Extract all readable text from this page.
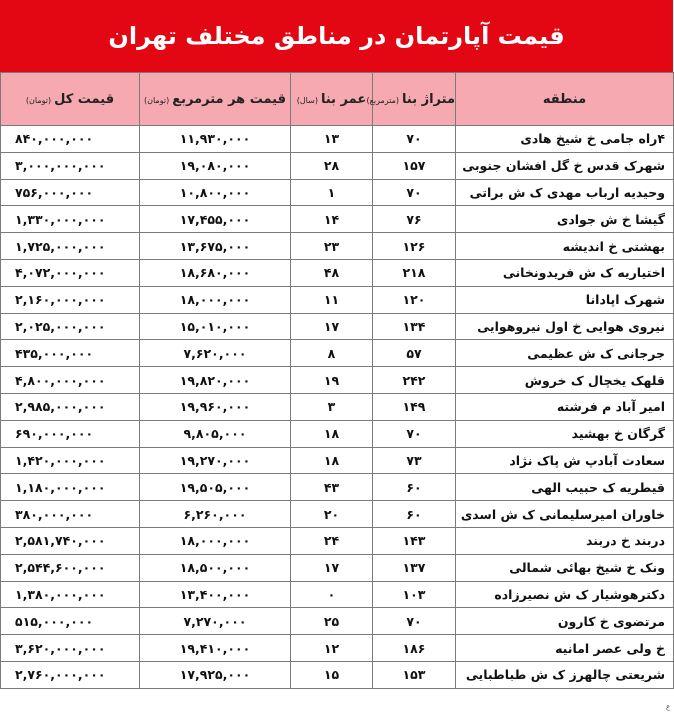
قیمت آپارتمان در مناطق مختلف تهران
منطقه	متراژ بنا(مترمربع)	عمر بنا(سال)	قیمت هر مترمربع(تومان)	قیمت کل(تومان)
۴راه جامی خ شیخ هادی	۷۰	۱۳	۱۱,۹۳۰,۰۰۰	۸۴۰,۰۰۰,۰۰۰
شهرک قدس خ گل افشان جنوبی	۱۵۷	۲۸	۱۹,۰۸۰,۰۰۰	۳,۰۰۰,۰۰۰,۰۰۰
وحیدیه ارباب مهدی ک ش براتی	۷۰	۱	۱۰,۸۰۰,۰۰۰	۷۵۶,۰۰۰,۰۰۰
گیشا خ ش جوادی	۷۶	۱۴	۱۷,۴۵۵,۰۰۰	۱,۳۳۰,۰۰۰,۰۰۰
بهشتی خ اندیشه	۱۲۶	۲۳	۱۳,۶۷۵,۰۰۰	۱,۷۲۵,۰۰۰,۰۰۰
اختیاریه ک ش فریدونخانی	۲۱۸	۴۸	۱۸,۶۸۰,۰۰۰	۴,۰۷۲,۰۰۰,۰۰۰
شهرک اپادانا	۱۲۰	۱۱	۱۸,۰۰۰,۰۰۰	۲,۱۶۰,۰۰۰,۰۰۰
نیروی هوایی خ اول نیروهوایی	۱۳۴	۱۷	۱۵,۰۱۰,۰۰۰	۲,۰۲۵,۰۰۰,۰۰۰
جرجانی ک ش عظیمی	۵۷	۸	۷,۶۲۰,۰۰۰	۴۳۵,۰۰۰,۰۰۰
قلهک یخچال ک خروش	۲۴۲	۱۹	۱۹,۸۲۰,۰۰۰	۴,۸۰۰,۰۰۰,۰۰۰
امیر آباد م فرشته	۱۴۹	۳	۱۹,۹۶۰,۰۰۰	۲,۹۸۵,۰۰۰,۰۰۰
گرگان خ بهشید	۷۰	۱۸	۹,۸۰۵,۰۰۰	۶۹۰,۰۰۰,۰۰۰
سعادت آبادپ ش پاک نژاد	۷۳	۱۸	۱۹,۲۷۰,۰۰۰	۱,۴۲۰,۰۰۰,۰۰۰
قیطریه ک حبیب الهی	۶۰	۴۳	۱۹,۵۰۵,۰۰۰	۱,۱۸۰,۰۰۰,۰۰۰
خاوران امیرسلیمانی ک ش اسدی	۶۰	۲۰	۶,۲۶۰,۰۰۰	۳۸۰,۰۰۰,۰۰۰
دربند خ دربند	۱۴۳	۲۴	۱۸,۰۰۰,۰۰۰	۲,۵۸۱,۷۴۰,۰۰۰
ونک خ شیخ بهائی شمالی	۱۳۷	۱۷	۱۸,۵۰۰,۰۰۰	۲,۵۴۴,۶۰۰,۰۰۰
دکترهوشیار ک ش نصیرزاده	۱۰۳	۰	۱۳,۴۰۰,۰۰۰	۱,۳۸۰,۰۰۰,۰۰۰
مرتضوی خ کارون	۷۰	۲۵	۷,۲۷۰,۰۰۰	۵۱۵,۰۰۰,۰۰۰
خ ولی عصر امانیه	۱۸۶	۱۲	۱۹,۴۱۰,۰۰۰	۳,۶۲۰,۰۰۰,۰۰۰
شریعتی چالهرز ک ش طباطبایی	۱۵۳	۱۵	۱۷,۹۲۵,۰۰۰	۲,۷۶۰,۰۰۰,۰۰۰
ع
